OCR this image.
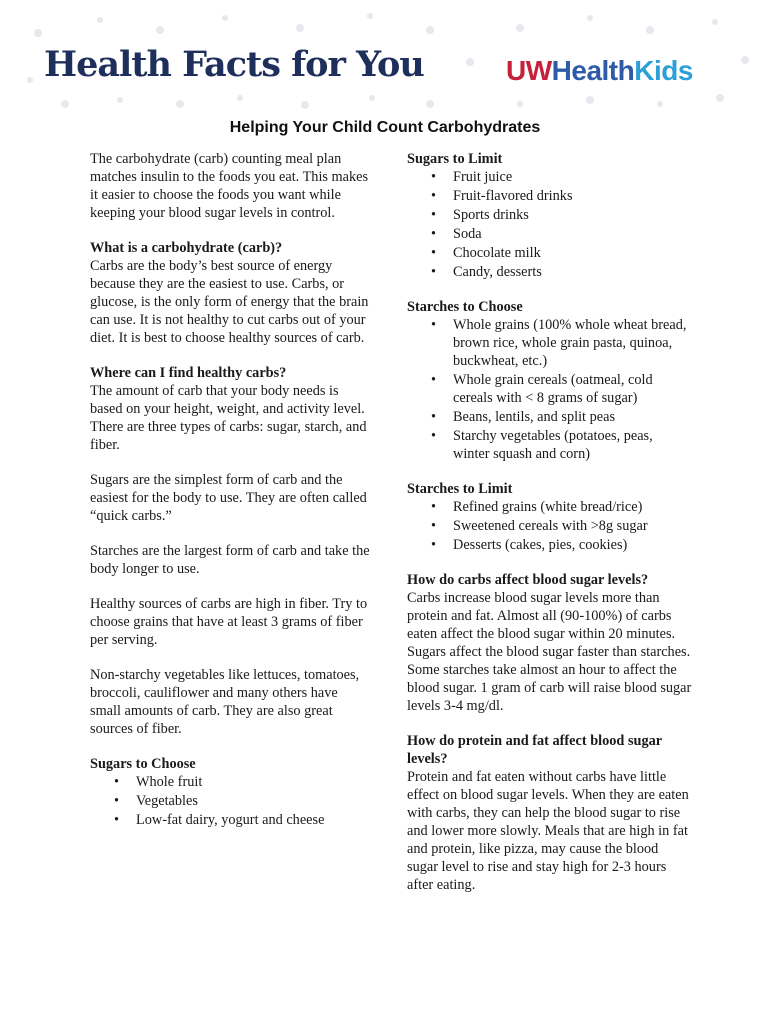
Health Facts for You	UWHealthKids
Helping Your Child Count Carbohydrates

The carbohydrate (carb) counting meal plan matches insulin to the foods you eat. This makes it easier to choose the foods you want while keeping your blood sugar levels in control.

What is a carbohydrate (carb)?
Carbs are the body’s best source of energy because they are the easiest to use. Carbs, or glucose, is the only form of energy that the brain can use. It is not healthy to cut carbs out of your diet. It is best to choose healthy sources of carb.
Where can I find healthy carbs?
The amount of carb that your body needs is based on your height, weight, and activity level. There are three types of carbs: sugar, starch, and fiber.

Sugars are the simplest form of carb and the easiest for the body to use. They are often called “quick carbs.”

Starches are the largest form of carb and take the body longer to use.

Healthy sources of carbs are high in fiber. Try to choose grains that have at least 3 grams of fiber per serving.

Non-starchy vegetables like lettuces, tomatoes, broccoli, cauliflower and many others have small amounts of carb. They are also great sources of fiber.

Sugars to Choose
• Whole fruit
• Vegetables
• Low-fat dairy, yogurt and cheese
Sugars to Limit
• Fruit juice
• Fruit-flavored drinks
• Sports drinks
• Soda
• Chocolate milk
• Candy, desserts
Starches to Choose
• Whole grains (100% whole wheat bread, brown rice, whole grain pasta, quinoa, buckwheat, etc.)
• Whole grain cereals (oatmeal, cold cereals with < 8 grams of sugar)
• Beans, lentils, and split peas
• Starchy vegetables (potatoes, peas, winter squash and corn)
Starches to Limit
• Refined grains (white bread/rice)
• Sweetened cereals with >8g sugar
• Desserts (cakes, pies, cookies)
How do carbs affect blood sugar levels?
Carbs increase blood sugar levels more than protein and fat. Almost all (90-100%) of carbs eaten affect the blood sugar within 20 minutes. Sugars affect the blood sugar faster than starches. Some starches take almost an hour to affect the blood sugar. 1 gram of carb will raise blood sugar levels 3-4 mg/dl.
How do protein and fat affect blood sugar levels?
Protein and fat eaten without carbs have little effect on blood sugar levels. When they are eaten with carbs, they can help the blood sugar to rise and lower more slowly. Meals that are high in fat and protein, like pizza, may cause the blood sugar level to rise and stay high for 2-3 hours after eating.
